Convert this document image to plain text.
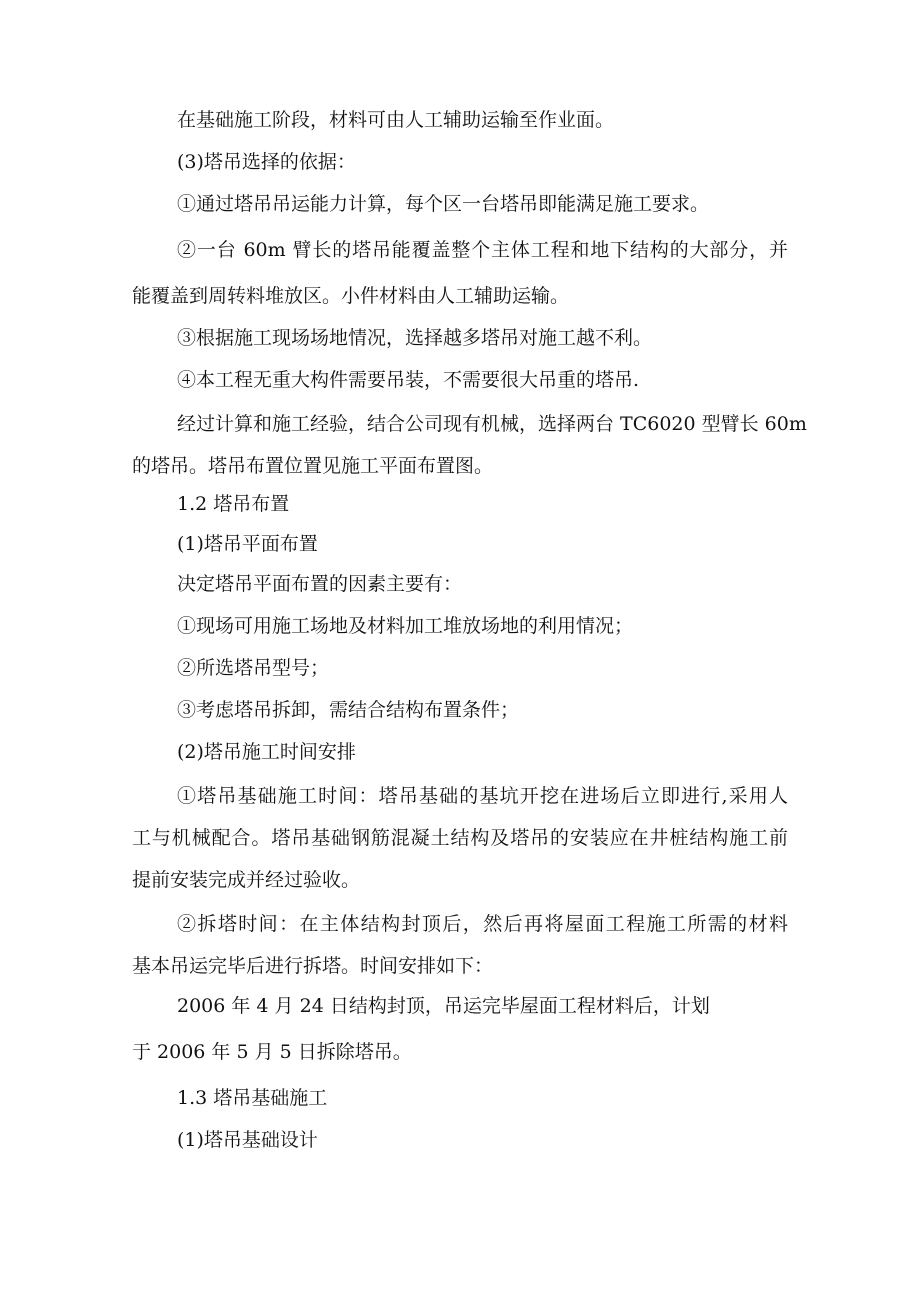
在基础施工阶段，材料可由人工辅助运输至作业面。
(3)塔吊选择的依据：
①通过塔吊吊运能力计算，每个区一台塔吊即能满足施工要求。
②一台 60m 臂长的塔吊能覆盖整个主体工程和地下结构的大部分，并
能覆盖到周转料堆放区。小件材料由人工辅助运输。
③根据施工现场场地情况，选择越多塔吊对施工越不利。
④本工程无重大构件需要吊装，不需要很大吊重的塔吊.
经过计算和施工经验，结合公司现有机械，选择两台 TC6020 型臂长 60m
的塔吊。塔吊布置位置见施工平面布置图。
1.2 塔吊布置
(1)塔吊平面布置
决定塔吊平面布置的因素主要有：
①现场可用施工场地及材料加工堆放场地的利用情况；
②所选塔吊型号；
③考虑塔吊拆卸，需结合结构布置条件；
(2)塔吊施工时间安排
①塔吊基础施工时间：塔吊基础的基坑开挖在进场后立即进行,采用人
工与机械配合。塔吊基础钢筋混凝土结构及塔吊的安装应在井桩结构施工前
提前安装完成并经过验收。
②拆塔时间：在主体结构封顶后，然后再将屋面工程施工所需的材料
基本吊运完毕后进行拆塔。时间安排如下：
2006 年 4 月 24 日结构封顶，吊运完毕屋面工程材料后，计划
于 2006 年 5 月 5 日拆除塔吊。
1.3 塔吊基础施工
(1)塔吊基础设计
